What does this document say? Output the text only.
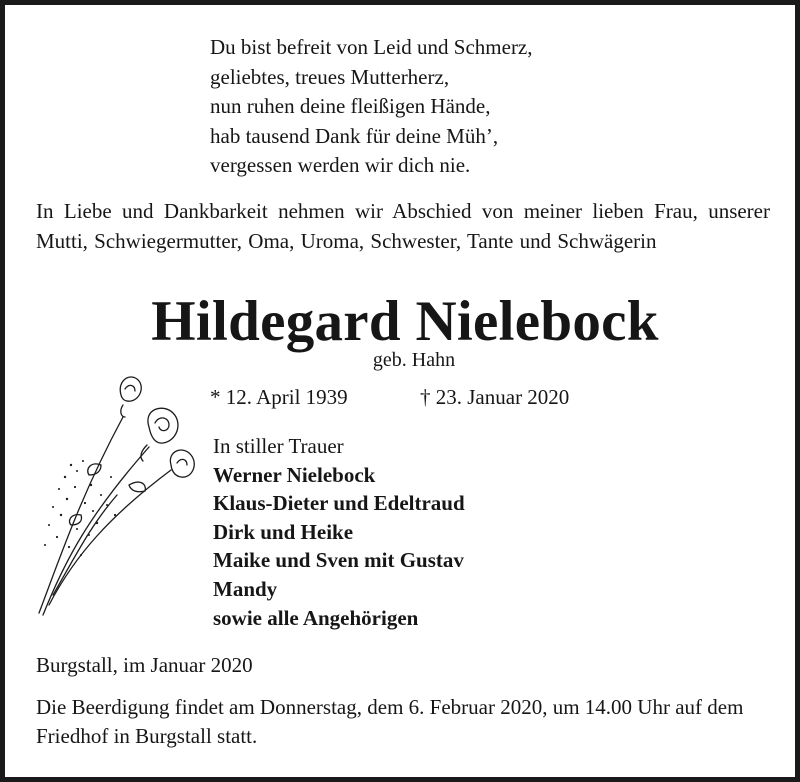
Du bist befreit von Leid und Schmerz,
geliebtes, treues Mutterherz,
nun ruhen deine fleißigen Hände,
hab tausend Dank für deine Müh’,
vergessen werden wir dich nie.
In Liebe und Dankbarkeit nehmen wir Abschied von meiner lieben Frau, unserer Mutti, Schwiegermutter, Oma, Uroma, Schwester, Tante und Schwägerin
Hildegard Nielebock
geb. Hahn
* 12. April 1939	† 23. Januar 2020
In stiller Trauer
Werner Nielebock
Klaus-Dieter und Edeltraud
Dirk und Heike
Maike und Sven mit Gustav
Mandy
sowie alle Angehörigen
Burgstall, im Januar 2020
Die Beerdigung findet am Donnerstag, dem 6. Februar 2020, um 14.00 Uhr auf dem Friedhof in Burgstall statt.
